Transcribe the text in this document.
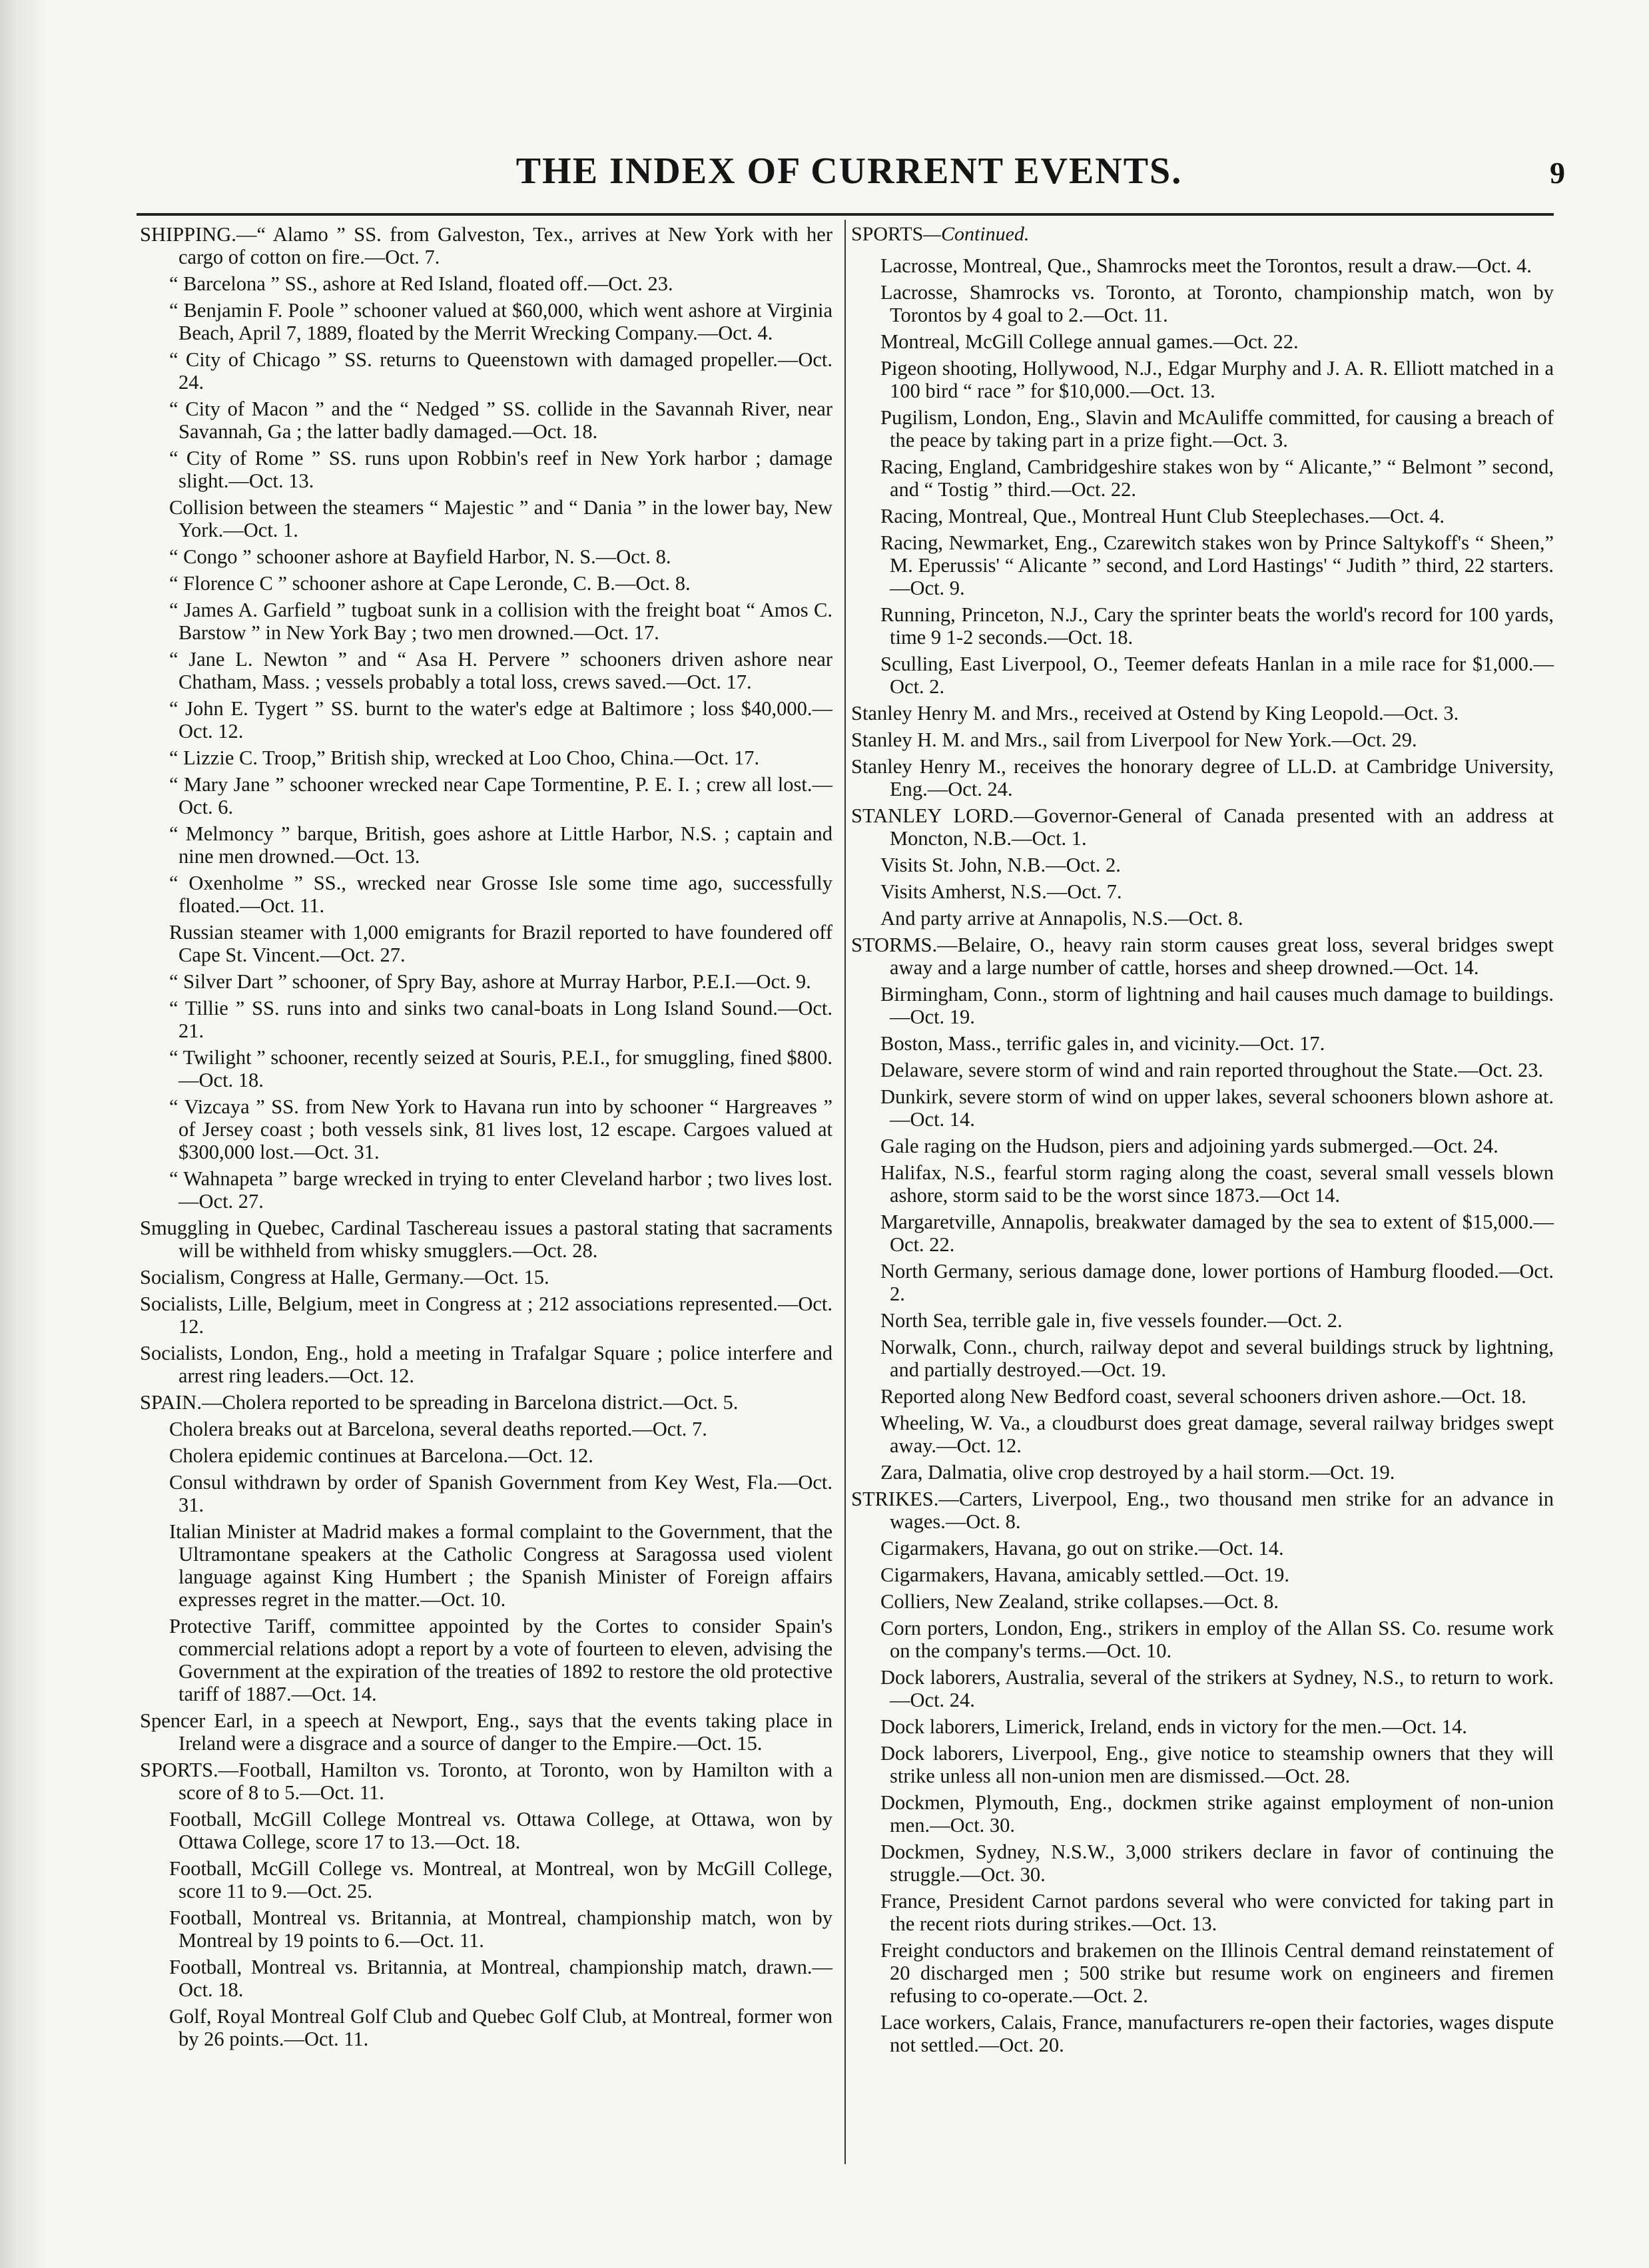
THE INDEX OF CURRENT EVENTS.	9
SHIPPING.—“ Alamo ” SS. from Galveston, Tex., arrives at New York with her cargo of cotton on fire.—Oct. 7.
“ Barcelona ” SS., ashore at Red Island, floated off.—Oct. 23.
“ Benjamin F. Poole ” schooner valued at $60,000, which went ashore at Virginia Beach, April 7, 1889, floated by the Merrit Wrecking Company.—Oct. 4.
“ City of Chicago ” SS. returns to Queenstown with damaged propeller.—Oct. 24.
“ City of Macon ” and the “ Nedged ” SS. collide in the Savannah River, near Savannah, Ga ; the latter badly damaged.—Oct. 18.
“ City of Rome ” SS. runs upon Robbin's reef in New York harbor ; damage slight.—Oct. 13.
Collision between the steamers “ Majestic ” and “ Dania ” in the lower bay, New York.—Oct. 1.
“ Congo ” schooner ashore at Bayfield Harbor, N. S.—Oct. 8.
“ Florence C ” schooner ashore at Cape Leronde, C. B.—Oct. 8.
“ James A. Garfield ” tugboat sunk in a collision with the freight boat “ Amos C. Barstow ” in New York Bay ; two men drowned.—Oct. 17.
“ Jane L. Newton ” and “ Asa H. Pervere ” schooners driven ashore near Chatham, Mass. ; vessels probably a total loss, crews saved.—Oct. 17.
“ John E. Tygert ” SS. burnt to the water's edge at Baltimore ; loss $40,000.—Oct. 12.
“ Lizzie C. Troop,” British ship, wrecked at Loo Choo, China.—Oct. 17.
“ Mary Jane ” schooner wrecked near Cape Tormentine, P. E. I. ; crew all lost.—Oct. 6.
“ Melmoncy ” barque, British, goes ashore at Little Harbor, N.S. ; captain and nine men drowned.—Oct. 13.
“ Oxenholme ” SS., wrecked near Grosse Isle some time ago, successfully floated.—Oct. 11.
Russian steamer with 1,000 emigrants for Brazil reported to have foundered off Cape St. Vincent.—Oct. 27.
“ Silver Dart ” schooner, of Spry Bay, ashore at Murray Harbor, P.E.I.—Oct. 9.
“ Tillie ” SS. runs into and sinks two canal-boats in Long Island Sound.—Oct. 21.
“ Twilight ” schooner, recently seized at Souris, P.E.I., for smuggling, fined $800.—Oct. 18.
“ Vizcaya ” SS. from New York to Havana run into by schooner “ Hargreaves ” of Jersey coast ; both vessels sink, 81 lives lost, 12 escape. Cargoes valued at $300,000 lost.—Oct. 31.
“ Wahnapeta ” barge wrecked in trying to enter Cleveland harbor ; two lives lost.—Oct. 27.
Smuggling in Quebec, Cardinal Taschereau issues a pastoral stating that sacraments will be withheld from whisky smugglers.—Oct. 28.
Socialism, Congress at Halle, Germany.—Oct. 15.
Socialists, Lille, Belgium, meet in Congress at ; 212 associations represented.—Oct. 12.
Socialists, London, Eng., hold a meeting in Trafalgar Square ; police interfere and arrest ring leaders.—Oct. 12.
SPAIN.—Cholera reported to be spreading in Barcelona district.—Oct. 5.
Cholera breaks out at Barcelona, several deaths reported.—Oct. 7.
Cholera epidemic continues at Barcelona.—Oct. 12.
Consul withdrawn by order of Spanish Government from Key West, Fla.—Oct. 31.
Italian Minister at Madrid makes a formal complaint to the Government, that the Ultramontane speakers at the Catholic Congress at Saragossa used violent language against King Humbert ; the Spanish Minister of Foreign affairs expresses regret in the matter.—Oct. 10.
Protective Tariff, committee appointed by the Cortes to consider Spain's commercial relations adopt a report by a vote of fourteen to eleven, advising the Government at the expiration of the treaties of 1892 to restore the old protective tariff of 1887.—Oct. 14.
Spencer Earl, in a speech at Newport, Eng., says that the events taking place in Ireland were a disgrace and a source of danger to the Empire.—Oct. 15.
SPORTS.—Football, Hamilton vs. Toronto, at Toronto, won by Hamilton with a score of 8 to 5.—Oct. 11.
Football, McGill College Montreal vs. Ottawa College, at Ottawa, won by Ottawa College, score 17 to 13.—Oct. 18.
Football, McGill College vs. Montreal, at Montreal, won by McGill College, score 11 to 9.—Oct. 25.
Football, Montreal vs. Britannia, at Montreal, championship match, won by Montreal by 19 points to 6.—Oct. 11.
Football, Montreal vs. Britannia, at Montreal, championship match, drawn.—Oct. 18.
Golf, Royal Montreal Golf Club and Quebec Golf Club, at Montreal, former won by 26 points.—Oct. 11.
SPORTS—Continued.
Lacrosse, Montreal, Que., Shamrocks meet the Torontos, result a draw.—Oct. 4.
Lacrosse, Shamrocks vs. Toronto, at Toronto, championship match, won by Torontos by 4 goal to 2.—Oct. 11.
Montreal, McGill College annual games.—Oct. 22.
Pigeon shooting, Hollywood, N.J., Edgar Murphy and J. A. R. Elliott matched in a 100 bird “ race ” for $10,000.—Oct. 13.
Pugilism, London, Eng., Slavin and McAuliffe committed, for causing a breach of the peace by taking part in a prize fight.—Oct. 3.
Racing, England, Cambridgeshire stakes won by “ Alicante,” “ Belmont ” second, and “ Tostig ” third.—Oct. 22.
Racing, Montreal, Que., Montreal Hunt Club Steeplechases.—Oct. 4.
Racing, Newmarket, Eng., Czarewitch stakes won by Prince Saltykoff's “ Sheen,” M. Eperussis' “ Alicante ” second, and Lord Hastings' “ Judith ” third, 22 starters.—Oct. 9.
Running, Princeton, N.J., Cary the sprinter beats the world's record for 100 yards, time 9 1-2 seconds.—Oct. 18.
Sculling, East Liverpool, O., Teemer defeats Hanlan in a mile race for $1,000.—Oct. 2.
Stanley Henry M. and Mrs., received at Ostend by King Leopold.—Oct. 3.
Stanley H. M. and Mrs., sail from Liverpool for New York.—Oct. 29.
Stanley Henry M., receives the honorary degree of LL.D. at Cambridge University, Eng.—Oct. 24.
STANLEY LORD.—Governor-General of Canada presented with an address at Moncton, N.B.—Oct. 1.
Visits St. John, N.B.—Oct. 2.
Visits Amherst, N.S.—Oct. 7.
And party arrive at Annapolis, N.S.—Oct. 8.
STORMS.—Belaire, O., heavy rain storm causes great loss, several bridges swept away and a large number of cattle, horses and sheep drowned.—Oct. 14.
Birmingham, Conn., storm of lightning and hail causes much damage to buildings.—Oct. 19.
Boston, Mass., terrific gales in, and vicinity.—Oct. 17.
Delaware, severe storm of wind and rain reported throughout the State.—Oct. 23.
Dunkirk, severe storm of wind on upper lakes, several schooners blown ashore at.—Oct. 14.
Gale raging on the Hudson, piers and adjoining yards submerged.—Oct. 24.
Halifax, N.S., fearful storm raging along the coast, several small vessels blown ashore, storm said to be the worst since 1873.—Oct 14.
Margaretville, Annapolis, breakwater damaged by the sea to extent of $15,000.—Oct. 22.
North Germany, serious damage done, lower portions of Hamburg flooded.—Oct. 2.
North Sea, terrible gale in, five vessels founder.—Oct. 2.
Norwalk, Conn., church, railway depot and several buildings struck by lightning, and partially destroyed.—Oct. 19.
Reported along New Bedford coast, several schooners driven ashore.—Oct. 18.
Wheeling, W. Va., a cloudburst does great damage, several railway bridges swept away.—Oct. 12.
Zara, Dalmatia, olive crop destroyed by a hail storm.—Oct. 19.
STRIKES.—Carters, Liverpool, Eng., two thousand men strike for an advance in wages.—Oct. 8.
Cigarmakers, Havana, go out on strike.—Oct. 14.
Cigarmakers, Havana, amicably settled.—Oct. 19.
Colliers, New Zealand, strike collapses.—Oct. 8.
Corn porters, London, Eng., strikers in employ of the Allan SS. Co. resume work on the company's terms.—Oct. 10.
Dock laborers, Australia, several of the strikers at Sydney, N.S., to return to work.—Oct. 24.
Dock laborers, Limerick, Ireland, ends in victory for the men.—Oct. 14.
Dock laborers, Liverpool, Eng., give notice to steamship owners that they will strike unless all non-union men are dismissed.—Oct. 28.
Dockmen, Plymouth, Eng., dockmen strike against employment of non-union men.—Oct. 30.
Dockmen, Sydney, N.S.W., 3,000 strikers declare in favor of continuing the struggle.—Oct. 30.
France, President Carnot pardons several who were convicted for taking part in the recent riots during strikes.—Oct. 13.
Freight conductors and brakemen on the Illinois Central demand reinstatement of 20 discharged men ; 500 strike but resume work on engineers and firemen refusing to co-operate.—Oct. 2.
Lace workers, Calais, France, manufacturers re-open their factories, wages dispute not settled.—Oct. 20.
